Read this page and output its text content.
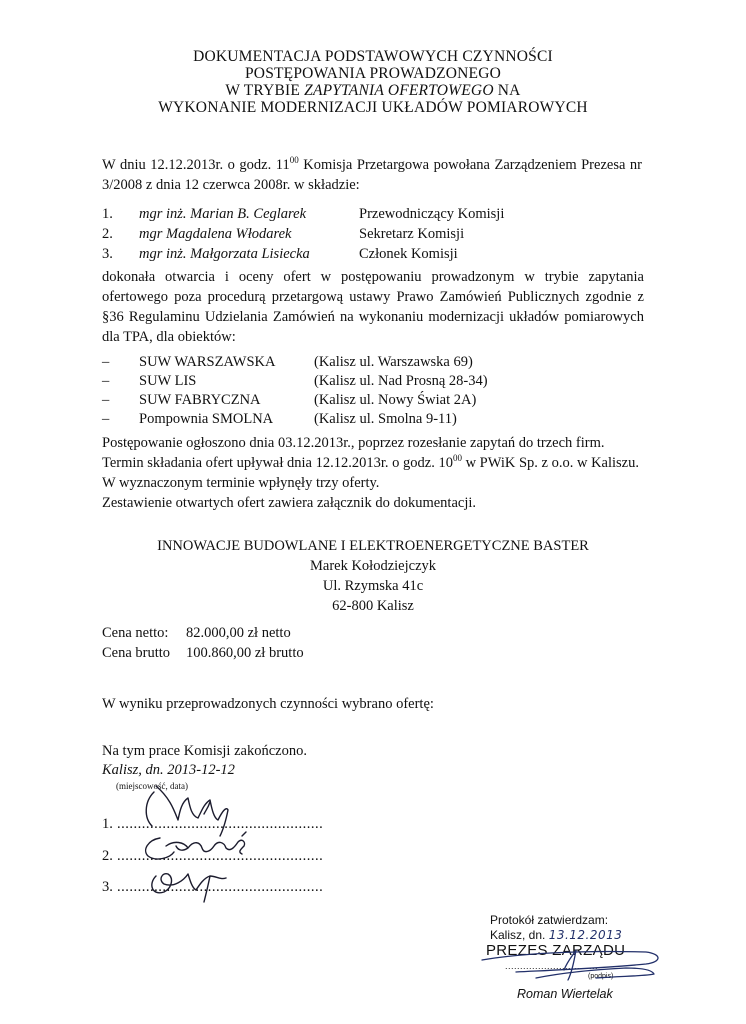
DOKUMENTACJA PODSTAWOWYCH CZYNNOŚCI
POSTĘPOWANIA PROWADZONEGO
W TRYBIE ZAPYTANIA OFERTOWEGO NA
WYKONANIE MODERNIZACJI UKŁADÓW POMIAROWYCH
W dniu 12.12.2013r. o godz. $11^{00}$ Komisja Przetargowa powołana Zarządzeniem Prezesa nr 3/2008 z dnia 12 czerwca 2008r. w składzie:
1. mgr inż. Marian B. Ceglarek	Przewodniczący Komisji
2. mgr Magdalena Włodarek	Sekretarz Komisji
3. mgr inż. Małgorzata Lisiecka	Członek Komisji
dokonała otwarcia i oceny ofert w postępowaniu prowadzonym w trybie zapytania ofertowego poza procedurą przetargową ustawy Prawo Zamówień Publicznych zgodnie z §36 Regulaminu Udzielania Zamówień na wykonaniu modernizacji układów pomiarowych dla TPA, dla obiektów:
– SUW WARSZAWSKA	(Kalisz ul. Warszawska 69)
– SUW LIS	(Kalisz ul. Nad Prosną 28-34)
– SUW FABRYCZNA	(Kalisz ul. Nowy Świat 2A)
– Pompownia SMOLNA	(Kalisz ul. Smolna 9-11)
Postępowanie ogłoszono dnia 03.12.2013r., poprzez rozesłanie zapytań do trzech firm.
Termin składania ofert upływał dnia 12.12.2013r. o godz. $10^{00}$ w PWiK Sp. z o.o. w Kaliszu.
W wyznaczonym terminie wpłynęły trzy oferty.
Zestawienie otwartych ofert zawiera załącznik do dokumentacji.
INNOWACJE BUDOWLANE I ELEKTROENERGETYCZNE BASTER
Marek Kołodziejczyk
Ul. Rzymska 41c
62-800 Kalisz
Cena netto: 82.000,00 zł netto
Cena brutto 100.860,00 zł brutto
W wyniku przeprowadzonych czynności wybrano ofertę:
Na tym prace Komisji zakończono.
Kalisz, dn. 2013-12-12
(miejscowość, data)
1. ..................................................
2. ..................................................
3. ..................................................
Protokół zatwierdzam:
Kalisz, dn. 13.12.2013
PREZES ZARZĄDU
...............................
(podpis)
Roman Wiertelak
